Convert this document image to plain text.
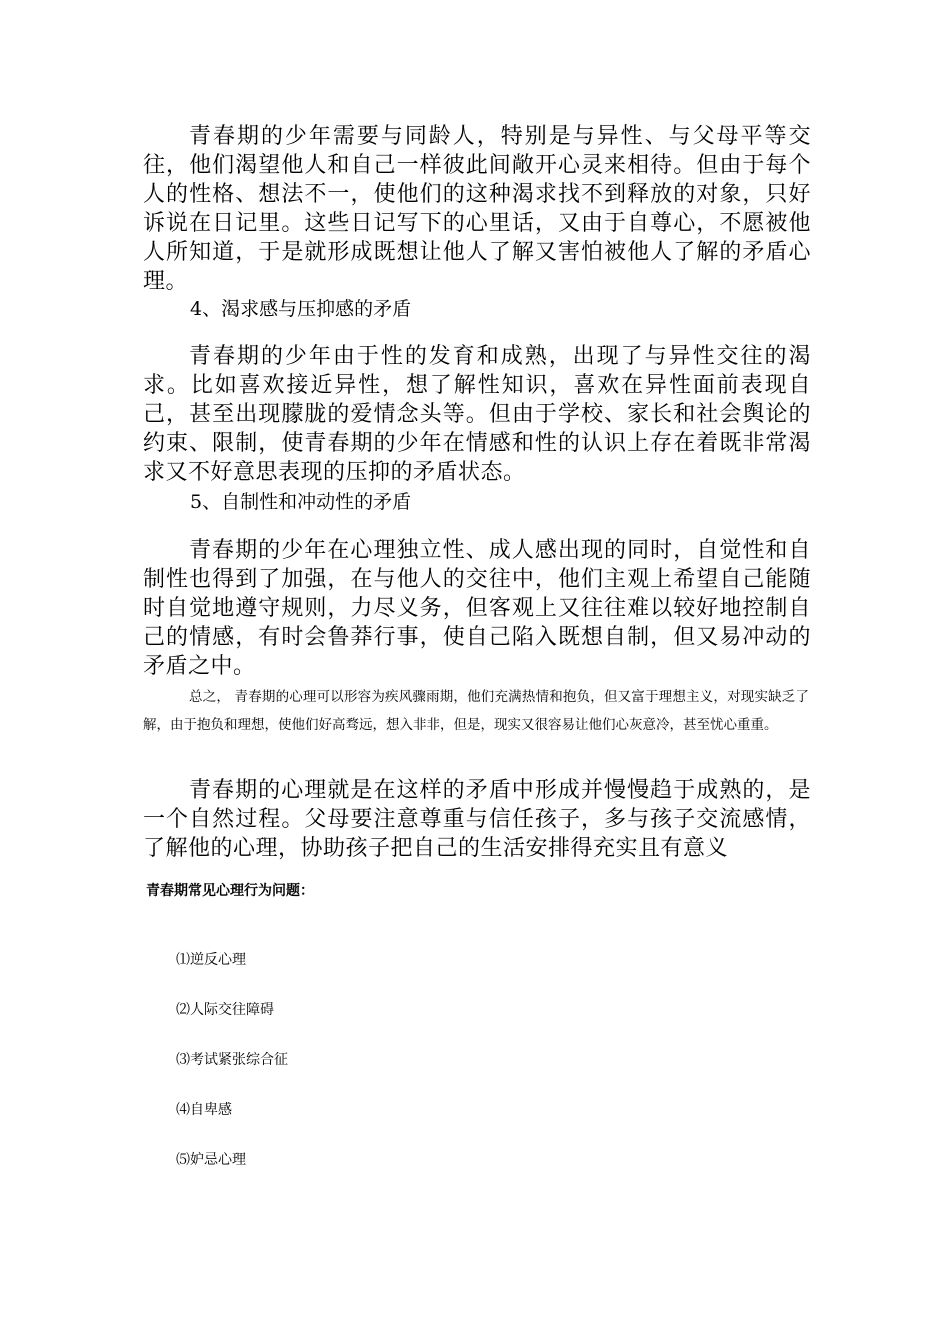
青春期的少年需要与同龄人，特别是与异性、与父母平等交往，他们渴望他人和自己一样彼此间敞开心灵来相待。但由于每个人的性格、想法不一，使他们的这种渴求找不到释放的对象，只好诉说在日记里。这些日记写下的心里话，又由于自尊心，不愿被他人所知道，于是就形成既想让他人了解又害怕被他人了解的矛盾心理。

4、渴求感与压抑感的矛盾

青春期的少年由于性的发育和成熟，出现了与异性交往的渴求。比如喜欢接近异性，想了解性知识，喜欢在异性面前表现自己，甚至出现朦胧的爱情念头等。但由于学校、家长和社会舆论的约束、限制，使青春期的少年在情感和性的认识上存在着既非常渴求又不好意思表现的压抑的矛盾状态。

5、自制性和冲动性的矛盾

青春期的少年在心理独立性、成人感出现的同时，自觉性和自制性也得到了加强，在与他人的交往中，他们主观上希望自己能随时自觉地遵守规则，力尽义务，但客观上又往往难以较好地控制自己的情感，有时会鲁莽行事，使自己陷入既想自制，但又易冲动的矛盾之中。

总之， 青春期的心理可以形容为疾风骤雨期，他们充满热情和抱负，但又富于理想主义，对现实缺乏了解，由于抱负和理想，使他们好高骛远，想入非非，但是，现实又很容易让他们心灰意冷，甚至忧心重重。

青春期的心理就是在这样的矛盾中形成并慢慢趋于成熟的，是一个自然过程。父母要注意尊重与信任孩子，多与孩子交流感情，了解他的心理，协助孩子把自己的生活安排得充实且有意义

青春期常见心理行为问题：

⑴逆反心理

⑵人际交往障碍

⑶考试紧张综合征

⑷自卑感

⑸妒忌心理
